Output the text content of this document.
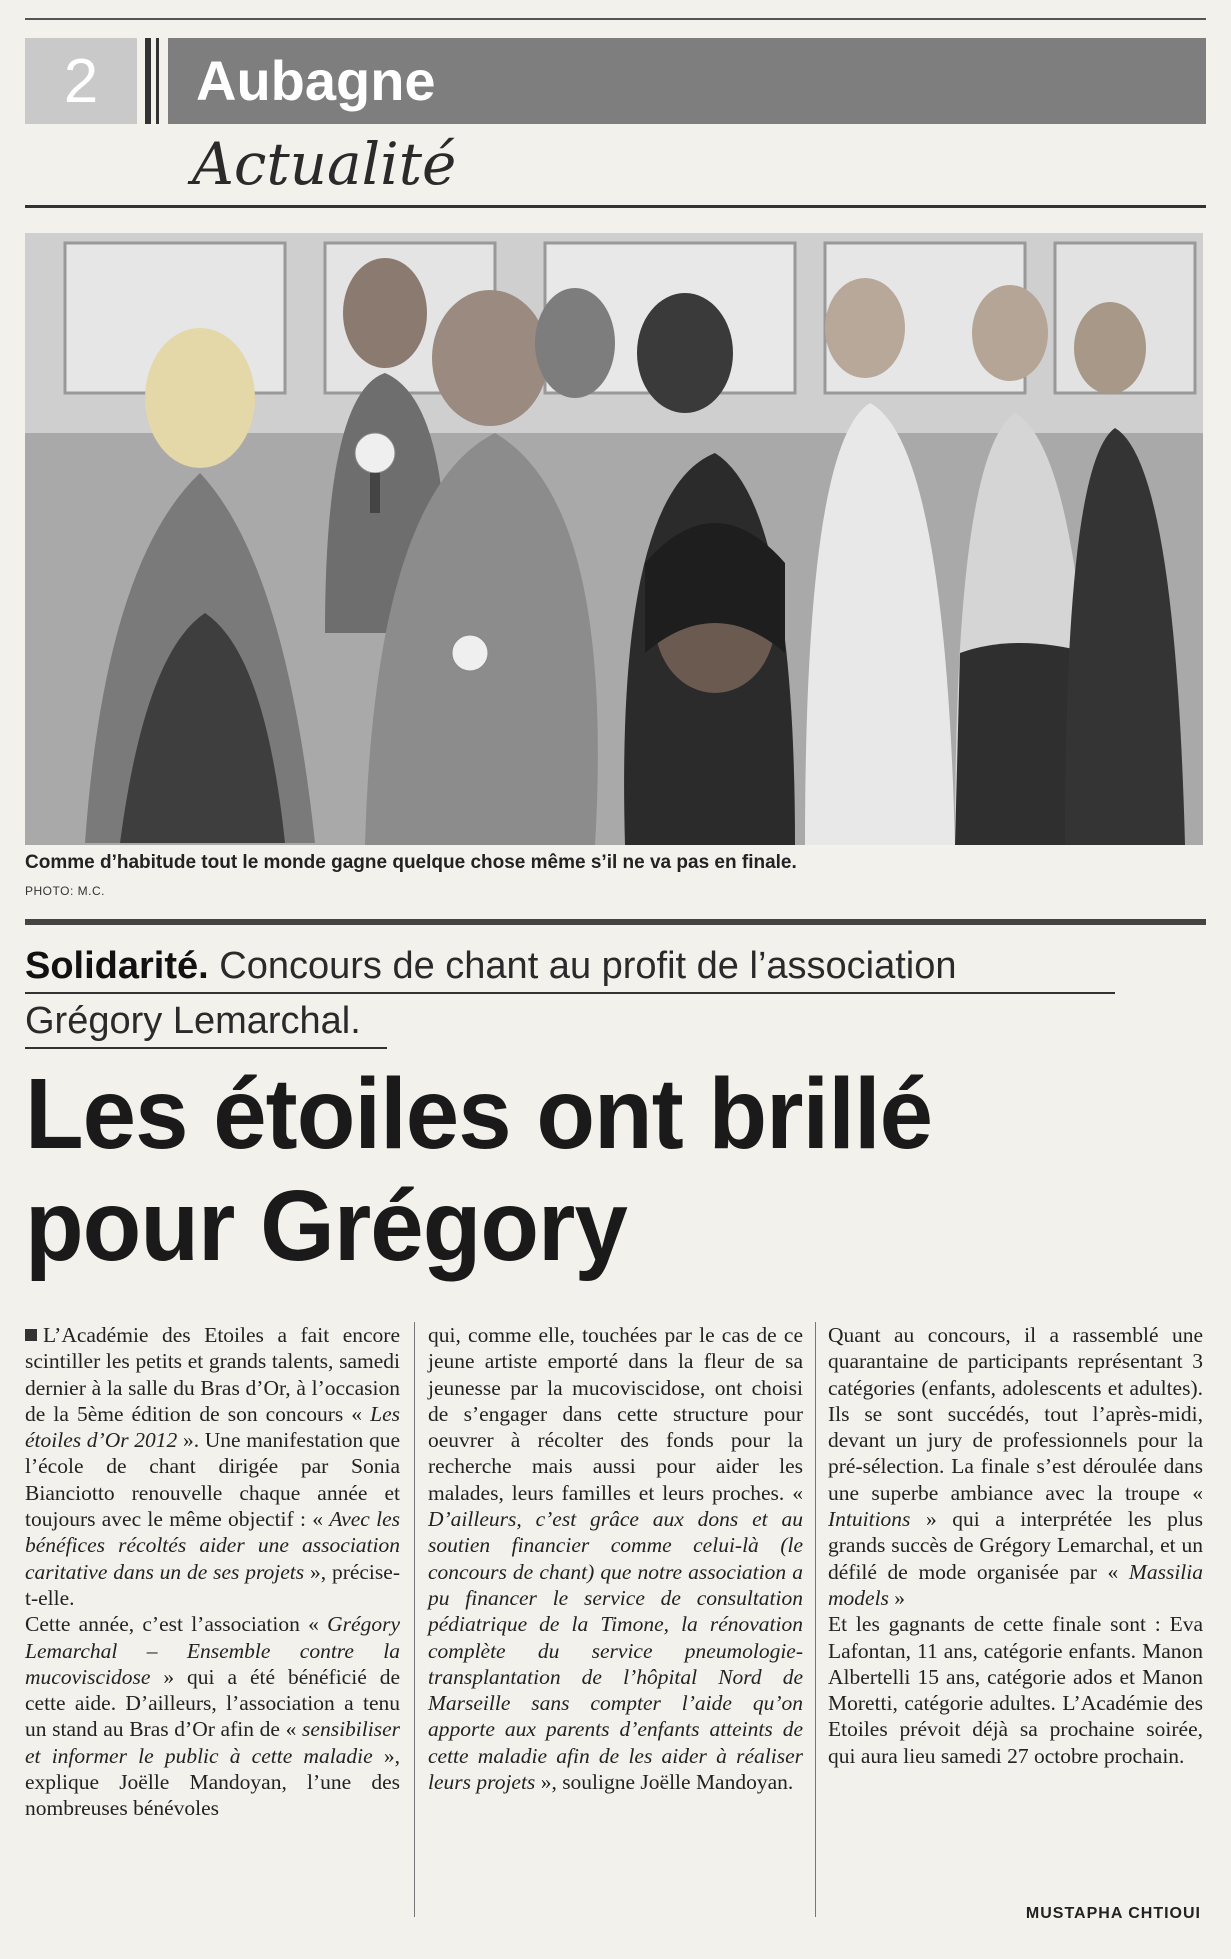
2	Aubagne
Actualité
Comme d’habitude tout le monde gagne quelque chose même s’il ne va pas en finale.
PHOTO: M.C.
Solidarité. Concours de chant au profit de l’association
Grégory Lemarchal.
Les étoiles ont brillé
pour Grégory

L’Académie des Etoiles a fait encore scintiller les petits et grands talents, samedi dernier à la salle du Bras d’Or, à l’occasion de la 5ème édition de son concours « Les étoiles d’Or 2012 ». Une manifestation que l’école de chant dirigée par Sonia Bianciotto renouvelle chaque année et toujours avec le même objectif : « Avec les bénéfices récoltés aider une association caritative dans un de ses projets », précise-t-elle.
Cette année, c’est l’association « Grégory Lemarchal – Ensemble contre la mucoviscidose » qui a été bénéficié de cette aide. D’ailleurs, l’association a tenu un stand au Bras d’Or afin de « sensibiliser et informer le public à cette maladie », explique Joëlle Mandoyan, l’une des nombreuses bénévoles

qui, comme elle, touchées par le cas de ce jeune artiste emporté dans la fleur de sa jeunesse par la mucoviscidose, ont choisi de s’engager dans cette structure pour oeuvrer à récolter des fonds pour la recherche mais aussi pour aider les malades, leurs familles et leurs proches. « D’ailleurs, c’est grâce aux dons et au soutien financier comme celui-là (le concours de chant) que notre association a pu financer le service de consultation pédiatrique de la Timone, la rénovation complète du service pneumologie-transplantation de l’hôpital Nord de Marseille sans compter l’aide qu’on apporte aux parents d’enfants atteints de cette maladie afin de les aider à réaliser leurs projets », souligne Joëlle Mandoyan.

Quant au concours, il a rassemblé une quarantaine de participants représentant 3 catégories (enfants, adolescents et adultes). Ils se sont succédés, tout l’après-midi, devant un jury de professionnels pour la pré-sélection. La finale s’est déroulée dans une superbe ambiance avec la troupe « Intuitions » qui a interprétée les plus grands succès de Grégory Lemarchal, et un défilé de mode organisée par « Massilia models »
Et les gagnants de cette finale sont : Eva Lafontan, 11 ans, catégorie enfants. Manon Albertelli 15 ans, catégorie ados et Manon Moretti, catégorie adultes. L’Académie des Etoiles prévoit déjà sa prochaine soirée, qui aura lieu samedi 27 octobre prochain.

MUSTAPHA CHTIOUI
